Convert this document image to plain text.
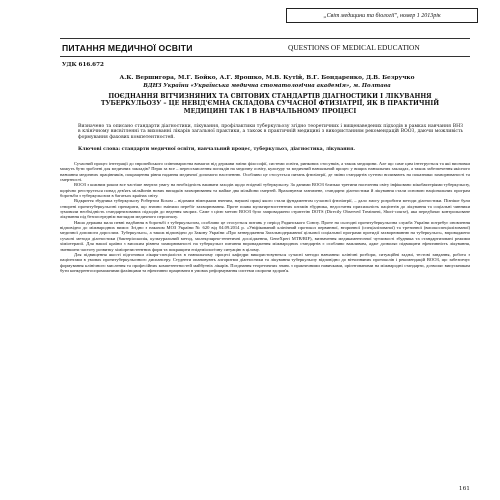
„Світ медицини та біології", номер 1 2013рік
ПИТАННЯ МЕДИЧНОЇ ОСВІТИ	QUESTIONS OF MEDICAL EDUCATION
УДК 616.672
А.К. Вершигора, М.Г. Бойко, А.Г. Ярошко, М.В. Кутій, В.Г. Бондаренко, Д.В. Безручко
ВДНЗ України «Українська медична стоматологічна академія», м. Полтава
ПОЄДНАННЯ ВІТЧИЗНЯНИХ ТА СВІТОВИХ СТАНДАРТІВ ДІАГНОСТИКИ І ЛІКУВАННЯ ТУБЕРКУЛЬОЗУ – ЦЕ НЕВІД'ЄМНА СКЛАДОВА СУЧАСНОЇ ФТИЗІАТРІЇ, ЯК В ПРАКТИЧНІЙ МЕДИЦИНІ ТАК І В НАВЧАЛЬНОМУ ПРОЦЕСІ
Визначено та описано стандарти діагностики, лікування, профілактики туберкульозу згідно теоретичних і вищенаведених підходів в рамках навчання ВНЗ в клінічному висвітленні та вихованні лікарів загальної практики, а також в практичній медицині з використанням рекомендацій ВООЗ, даючи можливість формування фахових компетентностей.
Ключові слова: стандарти медичної освіти, навчальний процес, туберкульоз, діагностика, лікування.

Сучасний процес інтеграції до європейського співтовариства вимагає від держави зміни філософії, системи освіти, ринкових стосунків, а також медицини. Але що саме цим інтегрується та які висновки можуть бути зроблені для медичних закладів? Перш за все – переосмислення поглядів на медичну освіту, культуру та медичний навчальний процес у вищих навчальних закладах, а також забезпечення якісного навчання медичних працівників, покращення рівня надання медичної допомоги населенню. Особливо це стосується питань фтизіатрії, де зміни стандартів суттєво впливають на показники захворюваності та смертності.

ВООЗ з кожним роком все частіше звертає увагу на необхідність вживати заходів щодо епідемії туберкульозу. За даними ВООЗ близько третини населення світу інфіковано мікобактеріями туберкульозу, щорічно реєструється понад дев'ять мільйонів нових випадків захворювання та майже два мільйони смертей. Враховуючи зазначене, стандарти діагностики й лікування стали основою національних програм боротьби з туберкульозом в багатьох країнах світу.

Відкриття збудника туберкульозу Робертом Кохом – відомим німецьким вченим, наукові праці якого стали фундаментом сучасної фтизіатрії, – дало змогу розробити методи діагностики. Пізніше були створені протитуберкульозні препарати, що значно змінили перебіг захворювання. Проте поява мультирезистентних штамів збудника, недостатня прихильність пацієнтів до лікування та соціальні чинники зумовили необхідність стандартизованих підходів до ведення хворих. Саме з цією метою ВООЗ було запроваджено стратегію DOTS (Directly Observed Treatment, Short-course), яка передбачає контрольоване лікування під безпосереднім наглядом медичного персоналу.

Наша держава мала певні надбання в боротьбі з туберкульозом, особливо це стосується питань у період Радянського Союзу. Проте на сьогодні протитуберкульозна служба України потребує оновлення відповідно до міжнародних вимог. Згідно з наказом МОЗ України № 620 від 04.09.2014 р. «Уніфікований клінічний протокол первинної, вторинної (спеціалізованої) та третинної (високоспеціалізованої) медичної допомоги дорослим. Туберкульоз», а також відповідно до Закону України «Про затвердження Загальнодержавної цільової соціальної програми протидії захворюванню на туберкульоз», впроваджено сучасні методи діагностики (бактеріоскопія, культуральний метод, молекулярно-генетичні дослідження, GeneXpert MTB/RIF), визначення медикаментозної чутливості збудника та стандартизовані режими хіміотерапії. Для нашої країни з високим рівнем захворюваності на туберкульоз питання впровадження міжнародних стандартів є особливо важливим, адже дозволяє підвищити ефективність лікування, зменшити частоту розвитку хіміорезистентних форм та покращити епідеміологічну ситуацію в цілому.

Для підвищення якості підготовки лікаря-спеціаліста в навчальному процесі кафедри використовуються сучасні методи навчання: клінічні розбори, ситуаційні задачі, тестові завдання, робота з пацієнтами в умовах протитуберкульозного диспансеру. Студенти опановують алгоритми діагностики та лікування туберкульозу відповідно до вітчизняних протоколів і рекомендацій ВООЗ, що забезпечує формування клінічного мислення та професійних компетентностей майбутніх лікарів. Поєднання теоретичних знань з практичними навичками, орієнтованими на міжнародні стандарти, дозволяє випускникам бути конкурентоспроможними фахівцями та ефективно працювати в умовах реформування системи охорони здоров'я.

161
